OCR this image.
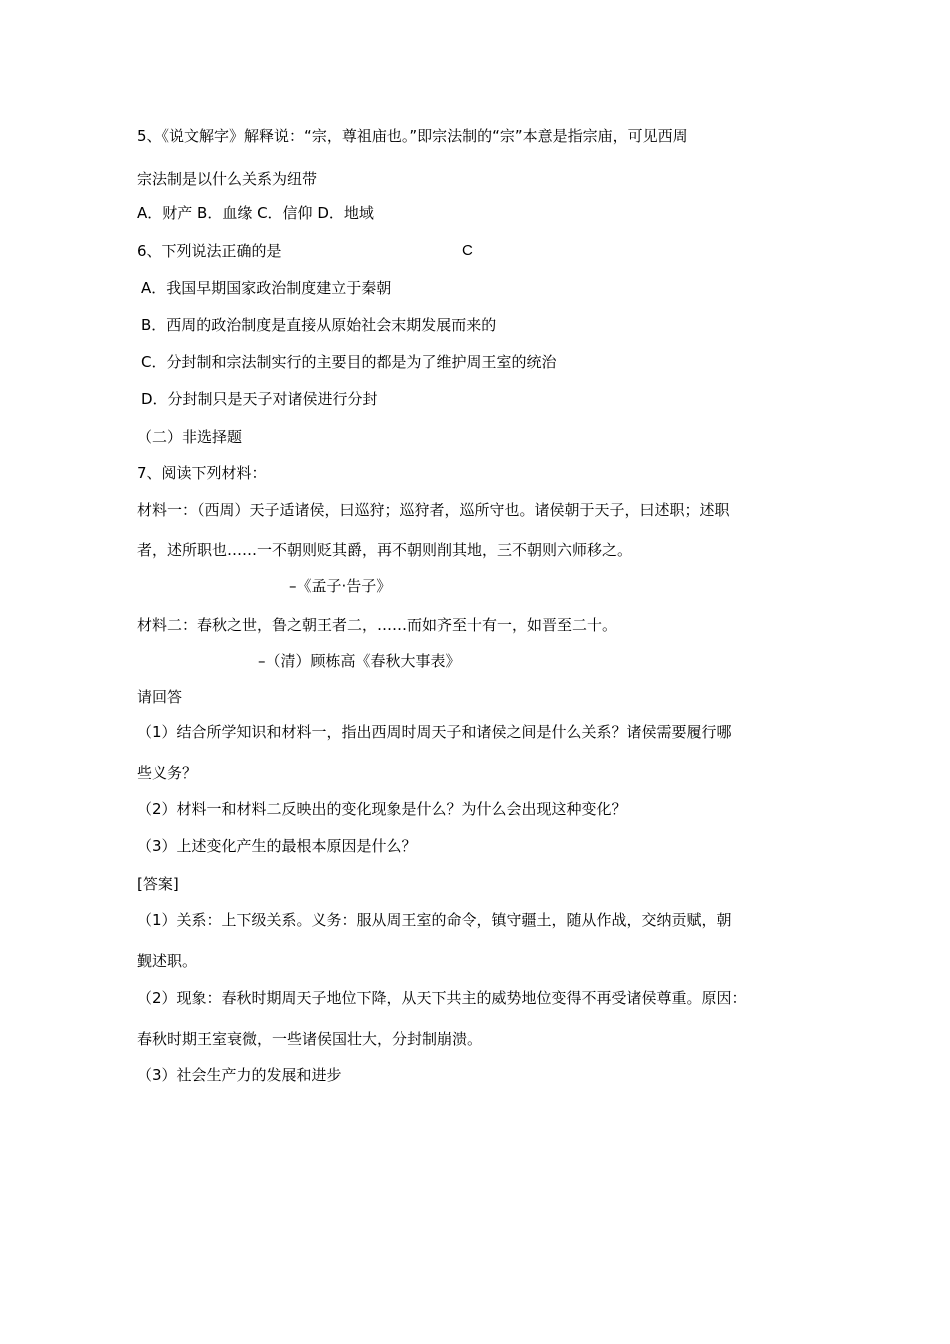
5、《说文解字》解释说：“宗，尊祖庙也。”即宗法制的“宗”本意是指宗庙，可见西周
宗法制是以什么关系为纽带
A．财产 B．血缘 C．信仰 D．地域
6、下列说法正确的是	C
A．我国早期国家政治制度建立于秦朝
B．西周的政治制度是直接从原始社会末期发展而来的
C．分封制和宗法制实行的主要目的都是为了维护周王室的统治
D．分封制只是天子对诸侯进行分封
（二）非选择题
7、阅读下列材料：
材料一：（西周）天子适诸侯，曰巡狩；巡狩者，巡所守也。诸侯朝于天子，曰述职；述职
者，述所职也……一不朝则贬其爵，再不朝则削其地，三不朝则六师移之。
–《孟子·告子》
材料二：春秋之世，鲁之朝王者二，……而如齐至十有一，如晋至二十。
–（清）顾栋高《春秋大事表》
请回答
（1）结合所学知识和材料一，指出西周时周天子和诸侯之间是什么关系？诸侯需要履行哪
些义务？
（2）材料一和材料二反映出的变化现象是什么？为什么会出现这种变化？
（3）上述变化产生的最根本原因是什么？
[答案]
（1）关系：上下级关系。义务：服从周王室的命令，镇守疆土，随从作战，交纳贡赋，朝
觐述职。
（2）现象：春秋时期周天子地位下降，从天下共主的威势地位变得不再受诸侯尊重。原因：
春秋时期王室衰微，一些诸侯国壮大，分封制崩溃。
（3）社会生产力的发展和进步
